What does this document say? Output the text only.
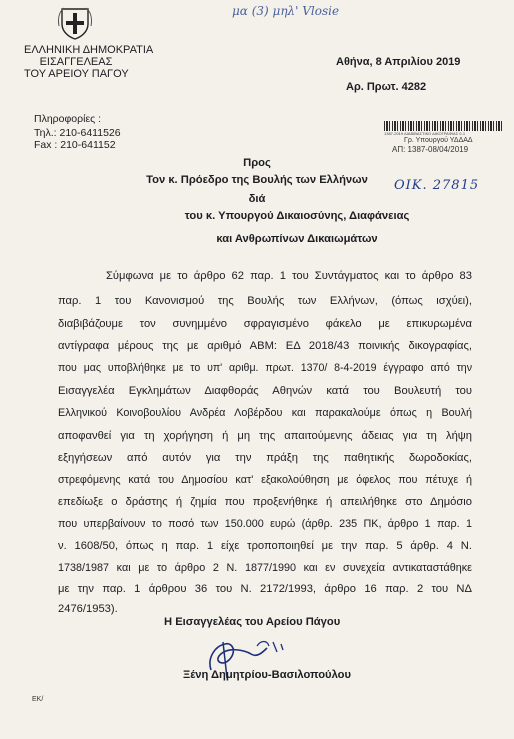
μα (3) μηλ' Vlosie
ΕΛΛΗΝΙΚΗ ΔΗΜΟΚΡΑΤΙΑ
ΕΙΣΑΓΓΕΛΕΑΣ
ΤΟΥ ΑΡΕΙΟΥ ΠΑΓΟΥ
Αθήνα, 8 Απριλίου 2019
Αρ. Πρωτ. 4282
Πληροφορίες :
Τηλ.: 210-6411526
Fax : 210-641152
1387-2019 ΔΙΑΒΙΒΑΣΤΙΚΟ ΔΙΚΟΓΡΑΦΙΑΣ 0-1
Γρ. Υπουργού ΥΔΔΑΔ
ΑΠ: 1387-08/04/2019
Προς
Τον κ. Πρόεδρο της Βουλής των Ελλήνων
διά
του κ. Υπουργού Δικαιοσύνης, Διαφάνειας
και Ανθρωπίνων Δικαιωμάτων
ΟΙΚ. 27815
Σύμφωνα με το άρθρο 62 παρ. 1 του Συντάγματος και το άρθρο 83
παρ. 1 του Κανονισμού της Βουλής των Ελλήνων, (όπως ισχύει),
διαβιβάζουμε τον συνημμένο σφραγισμένο φάκελο με επικυρωμένα
αντίγραφα μέρους της με αριθμό ΑΒΜ: ΕΔ 2018/43 ποινικής δικογραφίας,
που μας υποβλήθηκε με το υπ' αριθμ. πρωτ. 1370/ 8-4-2019 έγγραφο από την
Εισαγγελέα Εγκλημάτων Διαφθοράς Αθηνών κατά του Βουλευτή του
Ελληνικού Κοινοβουλίου Ανδρέα Λοβέρδου και παρακαλούμε όπως η Βουλή
αποφανθεί για τη χορήγηση ή μη της απαιτούμενης άδειας για τη λήψη
εξηγήσεων από αυτόν για την πράξη της παθητικής δωροδοκίας,
στρεφόμενης κατά του Δημοσίου κατ' εξακολούθηση με όφελος που πέτυχε ή
επεδίωξε ο δράστης ή ζημία που προξενήθηκε ή απειλήθηκε στο Δημόσιο
που υπερβαίνουν το ποσό των 150.000 ευρώ (άρθρ. 235 ΠΚ, άρθρο 1 παρ. 1
ν. 1608/50, όπως η παρ. 1 είχε τροποποιηθεί με την παρ. 5 άρθρ. 4 Ν.
1738/1987 και με το άρθρο 2 Ν. 1877/1990 και εν συνεχεία αντικαταστάθηκε
με την παρ. 1 άρθρου 36 του Ν. 2172/1993, άρθρο 16 παρ. 2 του ΝΔ
2476/1953).
Η Εισαγγελέας του Αρείου Πάγου
Ξένη Δημητρίου-Βασιλοπούλου
ΕΚ/
